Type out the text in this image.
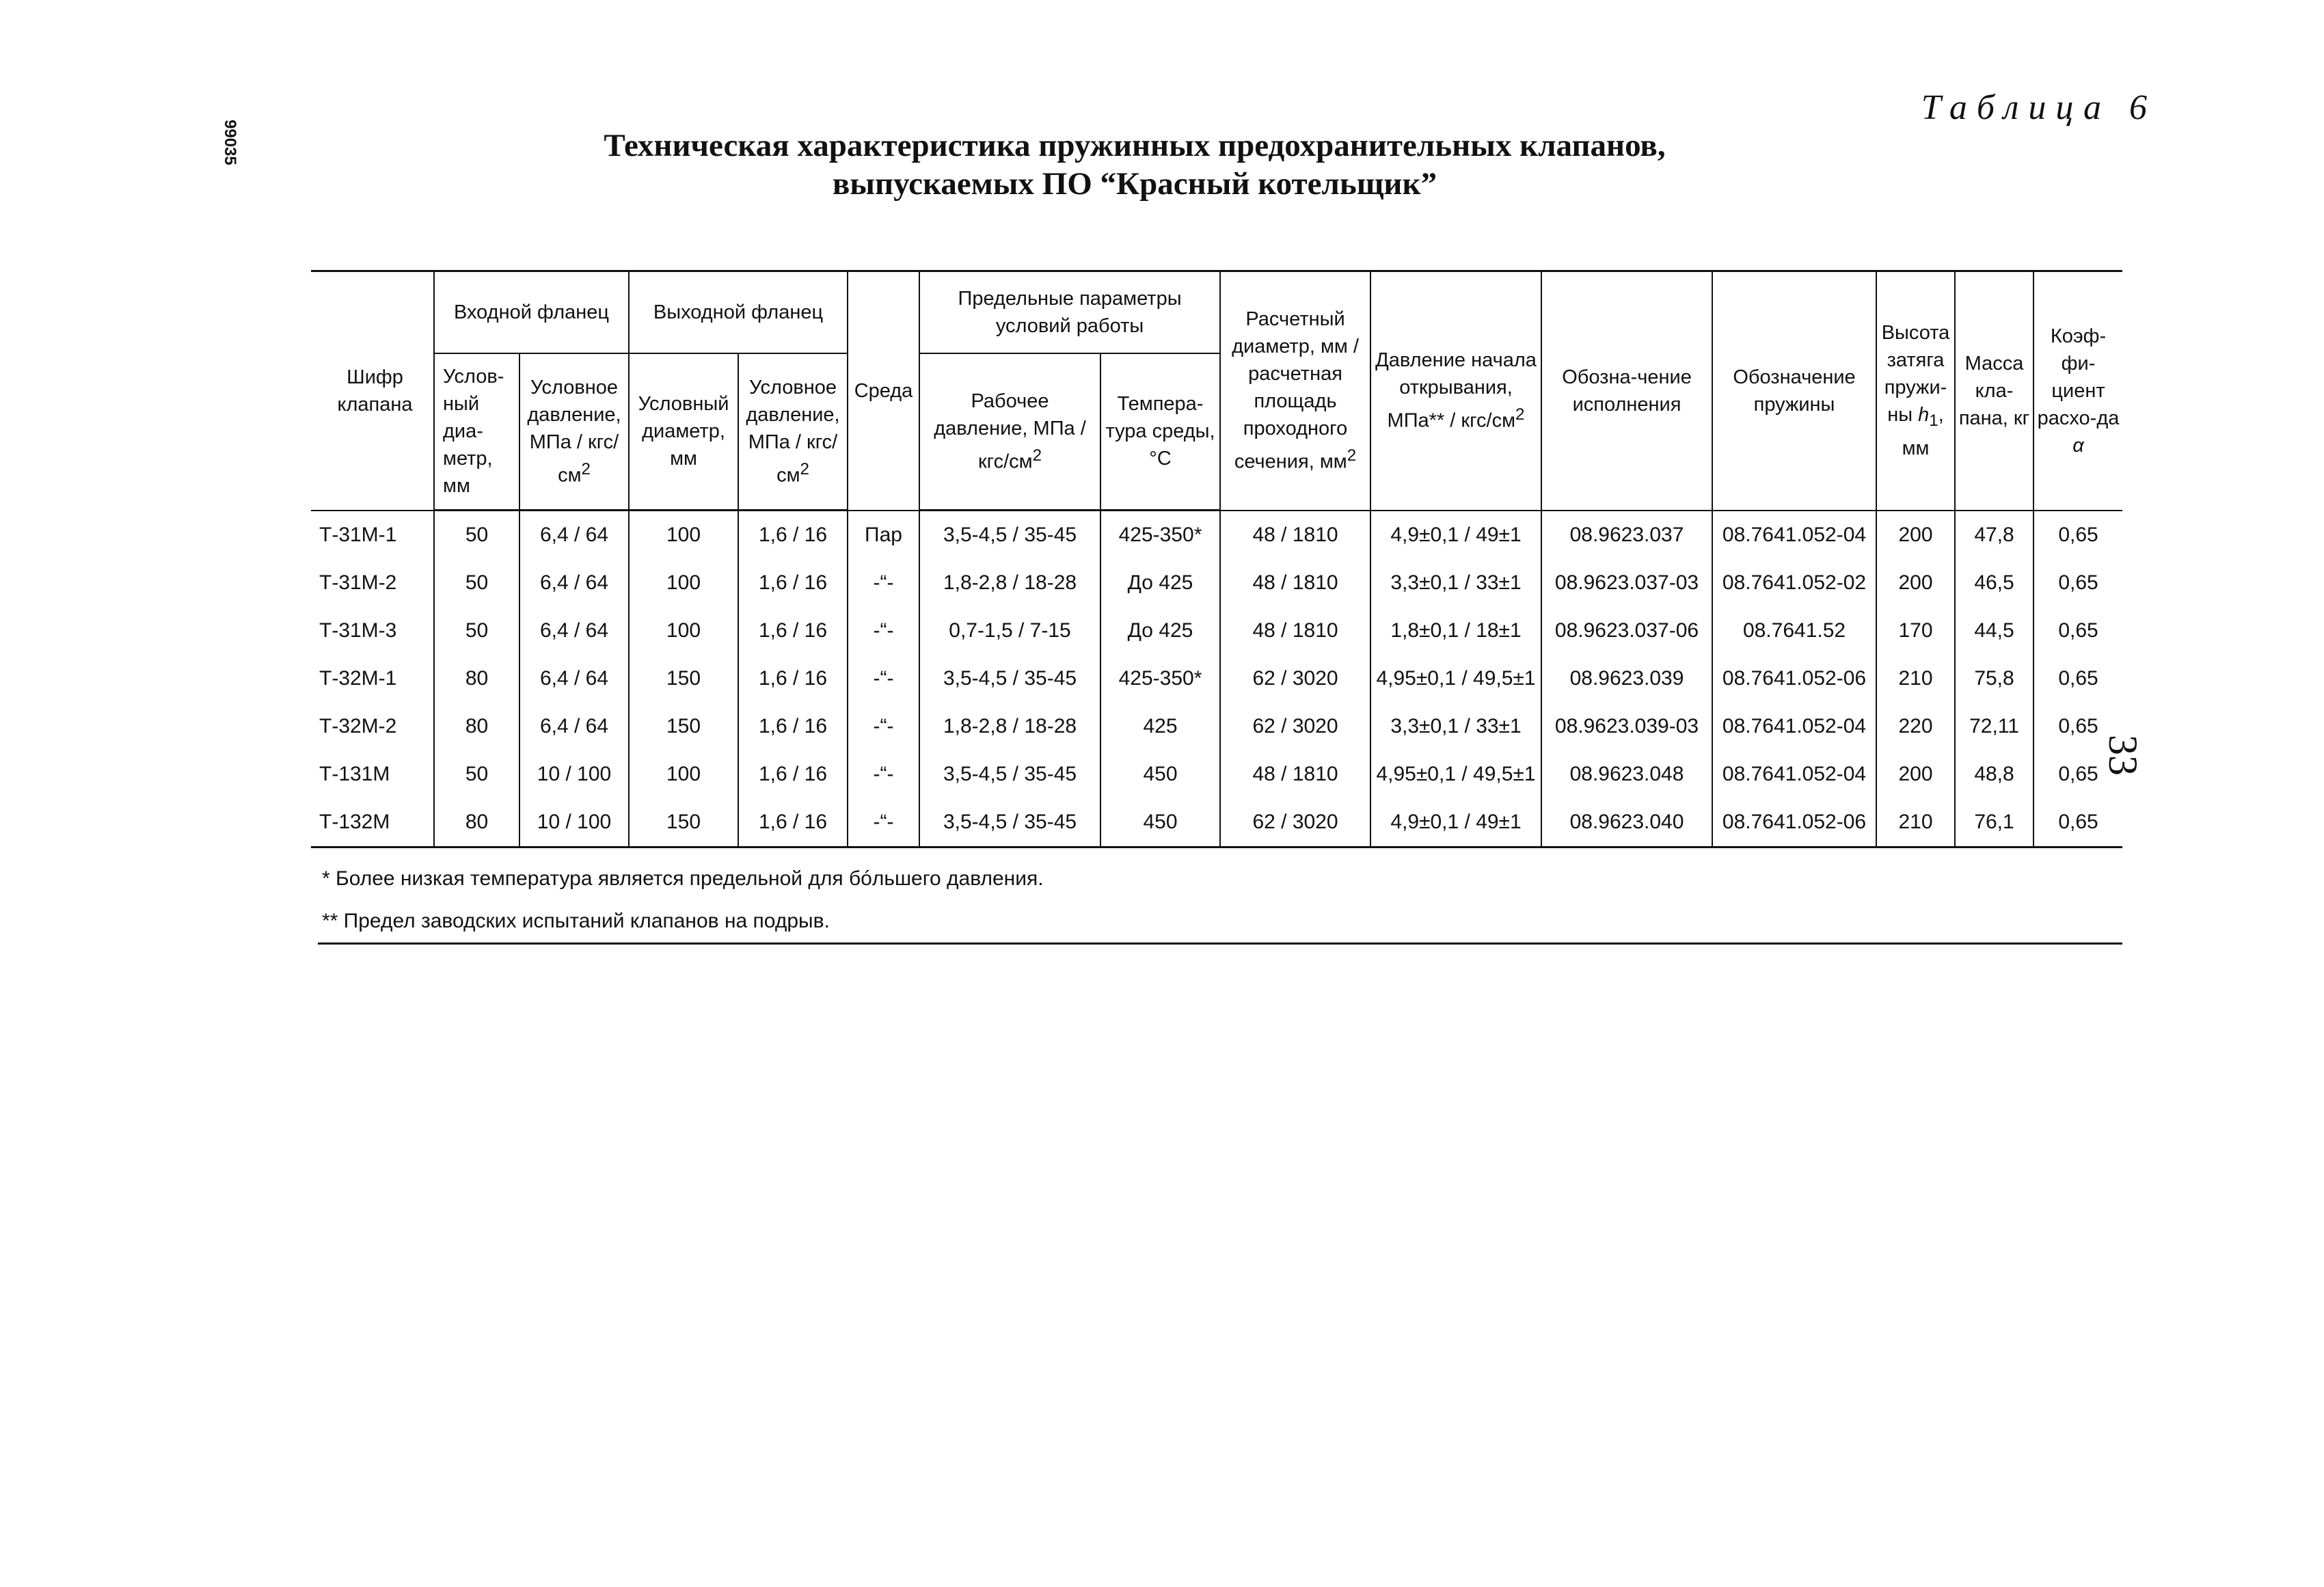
99035
33
Таблица 6
Техническая характеристика пружинных предохранительных клапанов,
выпускаемых ПО “Красный котельщик”
Шифр клапана	Входной фланец		Выходной фланец		Среда	Предельные параметры условий работы		Расчетный диаметр, мм / расчетная площадь проходного сечения, $мм^2$	Давление начала открывания, МПа** / кгс/$см^2$	Обозна-чение исполнения	Обозначение пружины	Высота затяга пружи-ны $h_1$, мм	Масса кла-пана, кг	Коэф-фи-циент расхо-да α
	Услов-ный диа-метр, мм	Условное давление, МПа / кгс/$см^2$	Условный диаметр, мм	Условное давление, МПа / кгс/$см^2$		Рабочее давление, МПа / кгс/$см^2$	Темпера-тура среды, °С							
Т-31М-1	50	6,4 / 64	100	1,6 / 16	Пар	3,5-4,5 / 35-45	425-350*	48 / 1810	4,9±0,1 / 49±1	08.9623.037	08.7641.052-04	200	47,8	0,65
Т-31М-2	50	6,4 / 64	100	1,6 / 16	-“-	1,8-2,8 / 18-28	До 425	48 / 1810	3,3±0,1 / 33±1	08.9623.037-03	08.7641.052-02	200	46,5	0,65
Т-31М-3	50	6,4 / 64	100	1,6 / 16	-“-	0,7-1,5 / 7-15	До 425	48 / 1810	1,8±0,1 / 18±1	08.9623.037-06	08.7641.52	170	44,5	0,65
Т-32М-1	80	6,4 / 64	150	1,6 / 16	-“-	3,5-4,5 / 35-45	425-350*	62 / 3020	4,95±0,1 / 49,5±1	08.9623.039	08.7641.052-06	210	75,8	0,65
Т-32М-2	80	6,4 / 64	150	1,6 / 16	-“-	1,8-2,8 / 18-28	425	62 / 3020	3,3±0,1 / 33±1	08.9623.039-03	08.7641.052-04	220	72,11	0,65
Т-131М	50	10 / 100	100	1,6 / 16	-“-	3,5-4,5 / 35-45	450	48 / 1810	4,95±0,1 / 49,5±1	08.9623.048	08.7641.052-04	200	48,8	0,65
Т-132М	80	10 / 100	150	1,6 / 16	-“-	3,5-4,5 / 35-45	450	62 / 3020	4,9±0,1 / 49±1	08.9623.040	08.7641.052-06	210	76,1	0,65
* Более низкая температура является предельной для бóльшего давления.
** Предел заводских испытаний клапанов на подрыв.
